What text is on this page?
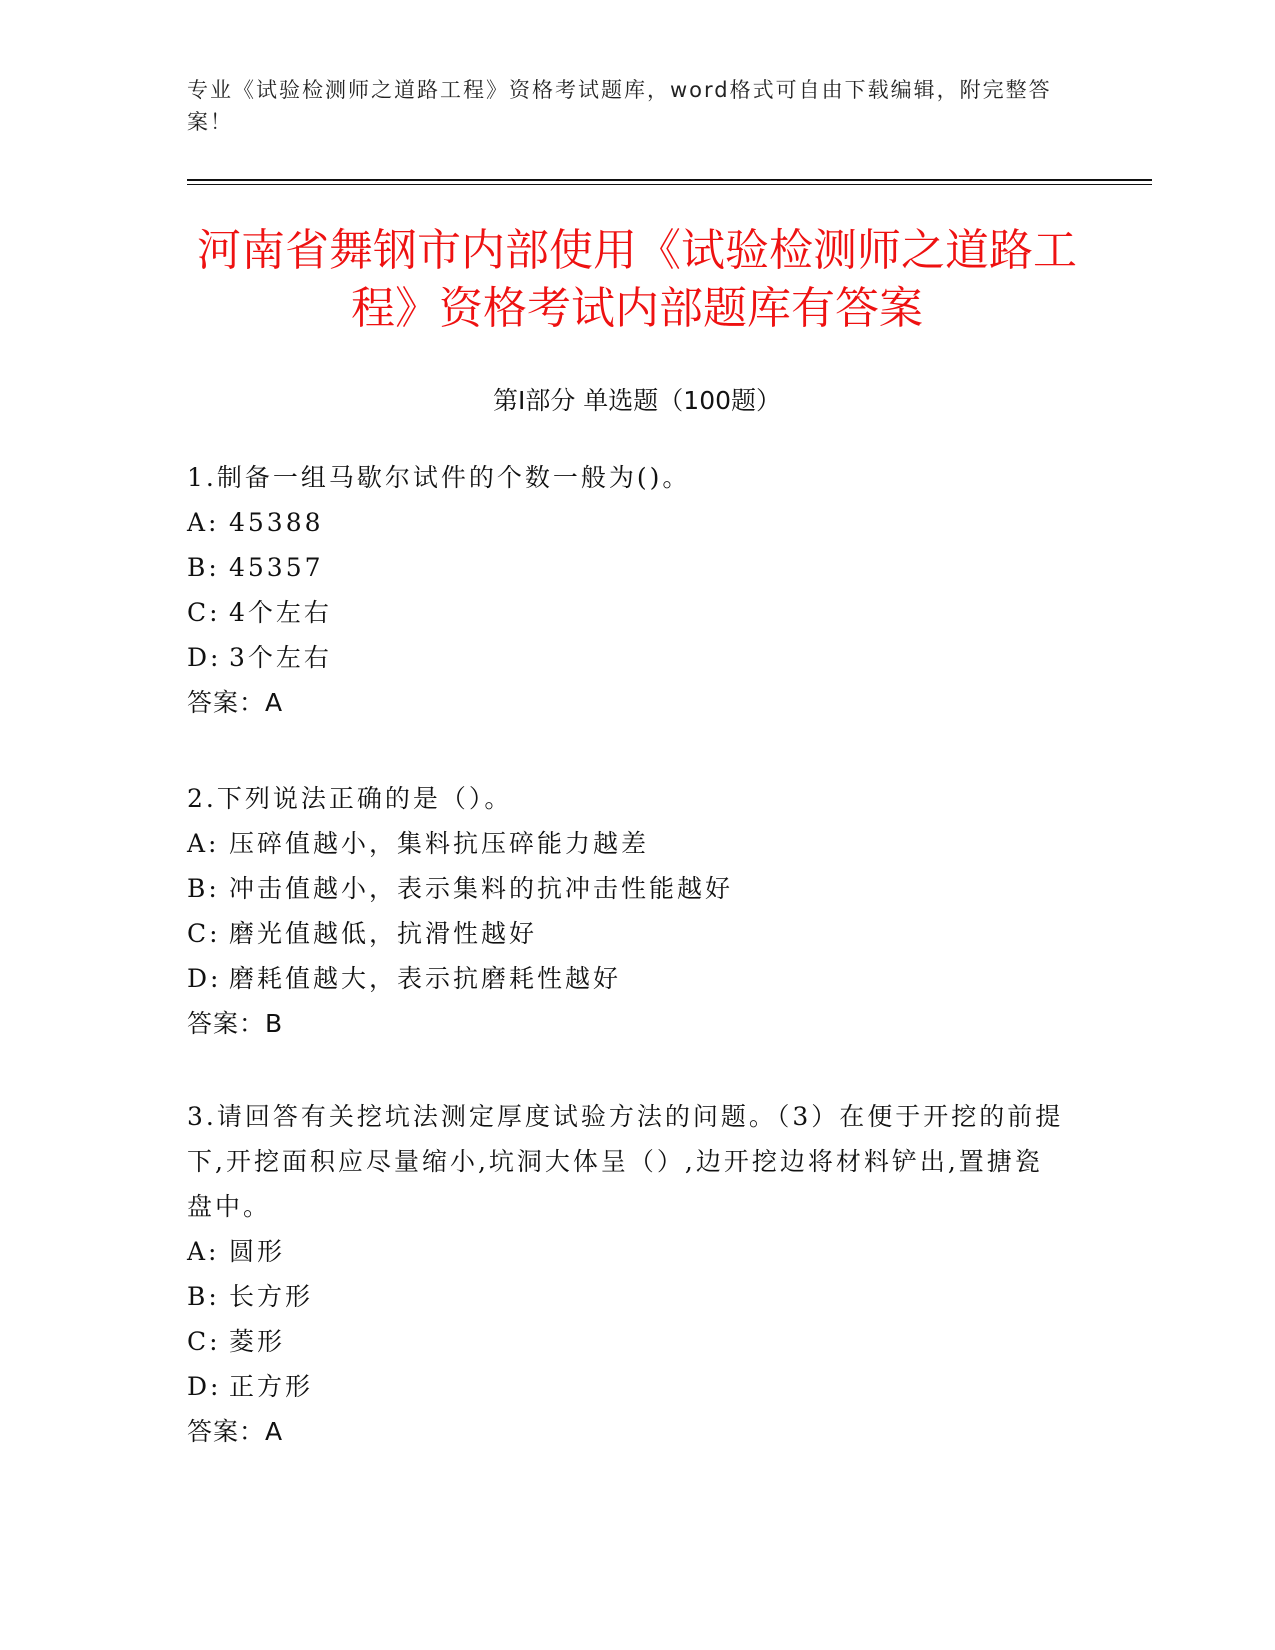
专业《试验检测师之道路工程》资格考试题库，word格式可自由下载编辑，附完整答案！
河南省舞钢市内部使用《试验检测师之道路工程》资格考试内部题库有答案
第Ⅰ部分 单选题（100题）

1.制备一组马歇尔试件的个数一般为()。

A: 45388

B: 45357

C: 4个左右

D: 3个左右

答案：A

2.下列说法正确的是（）。

A: 压碎值越小，集料抗压碎能力越差

B: 冲击值越小，表示集料的抗冲击性能越好

C: 磨光值越低，抗滑性越好

D: 磨耗值越大，表示抗磨耗性越好

答案：B

3.请回答有关挖坑法测定厚度试验方法的问题。（3）在便于开挖的前提下,开挖面积应尽量缩小,坑洞大体呈（）,边开挖边将材料铲出,置搪瓷盘中。

A: 圆形

B: 长方形

C: 菱形

D: 正方形

答案：A
